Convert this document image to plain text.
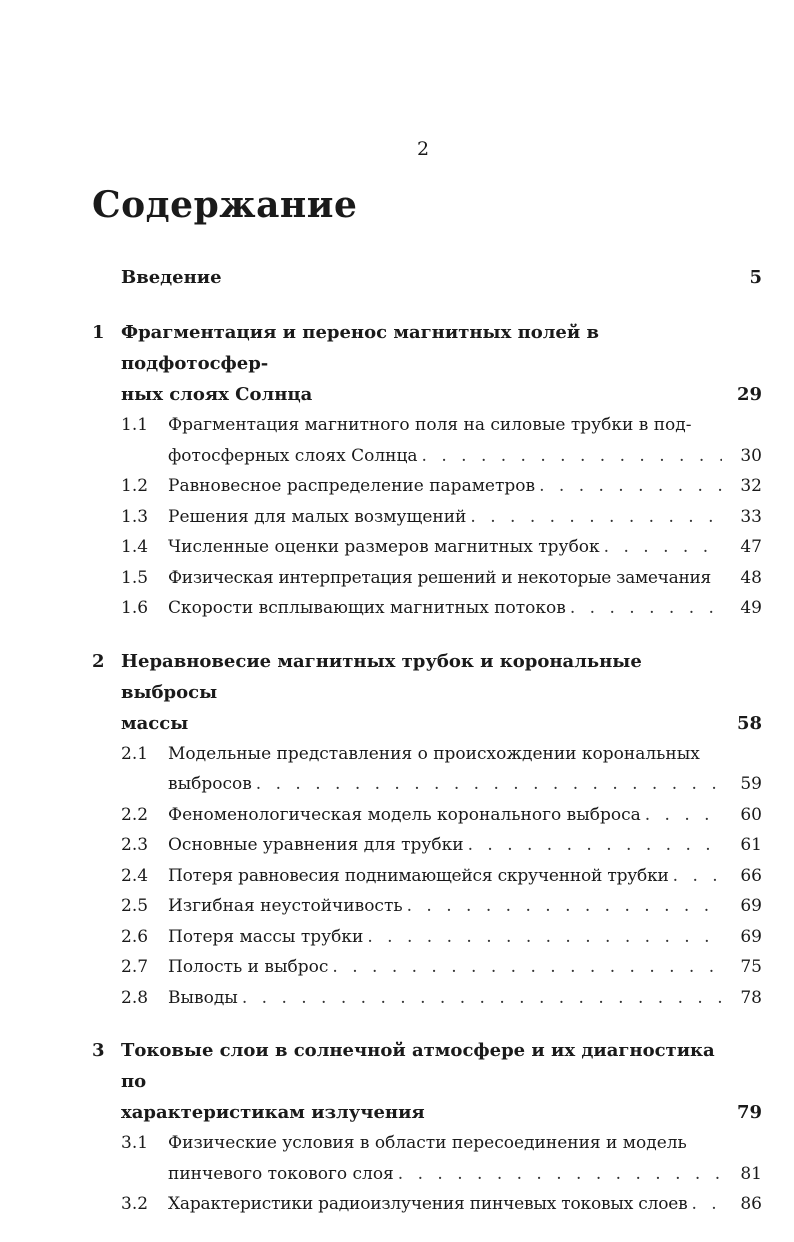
2
Содержание
Введение	5
1 Фрагментация и перенос магнитных полей в подфотосфер-
ных слоях Солнца	29
1.1 Фрагментация магнитного поля на силовые трубки в под-
фотосферных слоях Солнца . . .	30
1.2 Равновесное распределение параметров . . .	32
1.3 Решения для малых возмущений . . .	33
1.4 Численные оценки размеров магнитных трубок . . .	47
1.5 Физическая интерпретация решений и некоторые замечания 48
1.6 Скорости всплывающих магнитных потоков . . .	49
2 Неравновесие магнитных трубок и корональные выбросы
массы	58
2.1 Модельные представления о происхождении корональных
выбросов . . .	59
2.2 Феноменологическая модель коронального выброса . . .	60
2.3 Основные уравнения для трубки . . .	61
2.4 Потеря равновесия поднимающейся скрученной трубки . . .	66
2.5 Изгибная неустойчивость . . .	69
2.6 Потеря массы трубки . . .	69
2.7 Полость и выброс . . .	75
2.8 Выводы . . .	78
3 Токовые слои в солнечной атмосфере и их диагностика по
характеристикам излучения	79
3.1 Физические условия в области пересоединения и модель
пинчевого токового слоя . . .	81
3.2 Характеристики радиоизлучения пинчевых токовых слоев . . .	86
